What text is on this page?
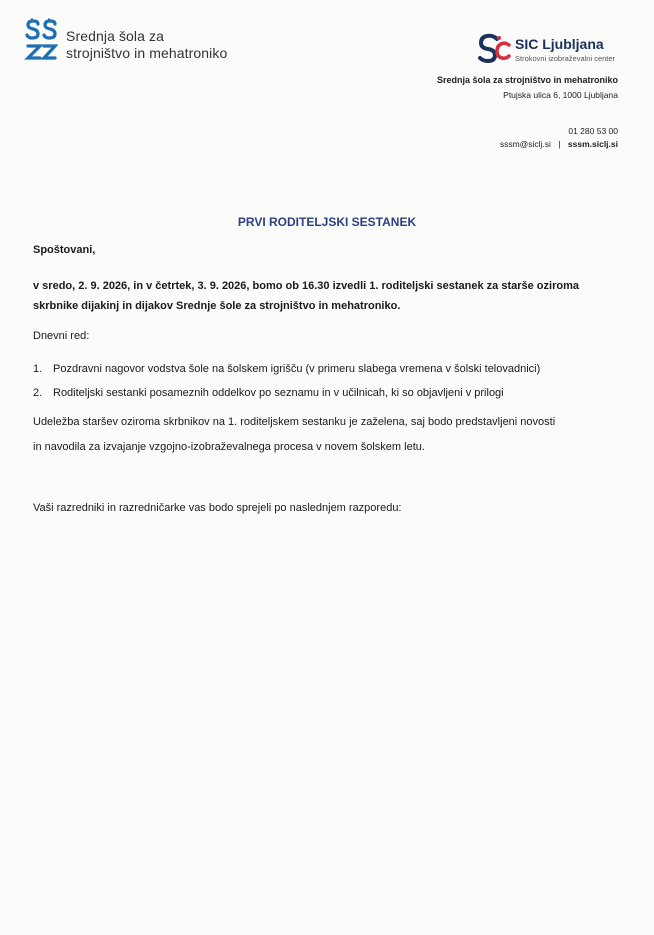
Srednja šola za
strojništvo in mehatroniko
SIC Ljubljana
Strokovni izobraževalni center
Srednja šola za strojništvo in mehatroniko
Ptujska ulica 6, 1000 Ljubljana
01 280 53 00
sssm@siclj.si | sssm.siclj.si
PRVI RODITELJSKI SESTANEK
Spoštovani,
v sredo, 2. 9. 2026, in v četrtek, 3. 9. 2026, bomo ob 16.30 izvedli 1. roditeljski sestanek za starše oziroma
skrbnike dijakinj in dijakov Srednje šole za strojništvo in mehatroniko.
Dnevni red:
1. Pozdravni nagovor vodstva šole na šolskem igrišču (v primeru slabega vremena v šolski telovadnici)
2. Roditeljski sestanki posameznih oddelkov po seznamu in v učilnicah, ki so objavljeni v prilogi
Udeležba staršev oziroma skrbnikov na 1. roditeljskem sestanku je zaželena, saj bodo predstavljeni novosti
in navodila za izvajanje vzgojno-izobraževalnega procesa v novem šolskem letu.
Vaši razredniki in razredničarke vas bodo sprejeli po naslednjem razporedu:
